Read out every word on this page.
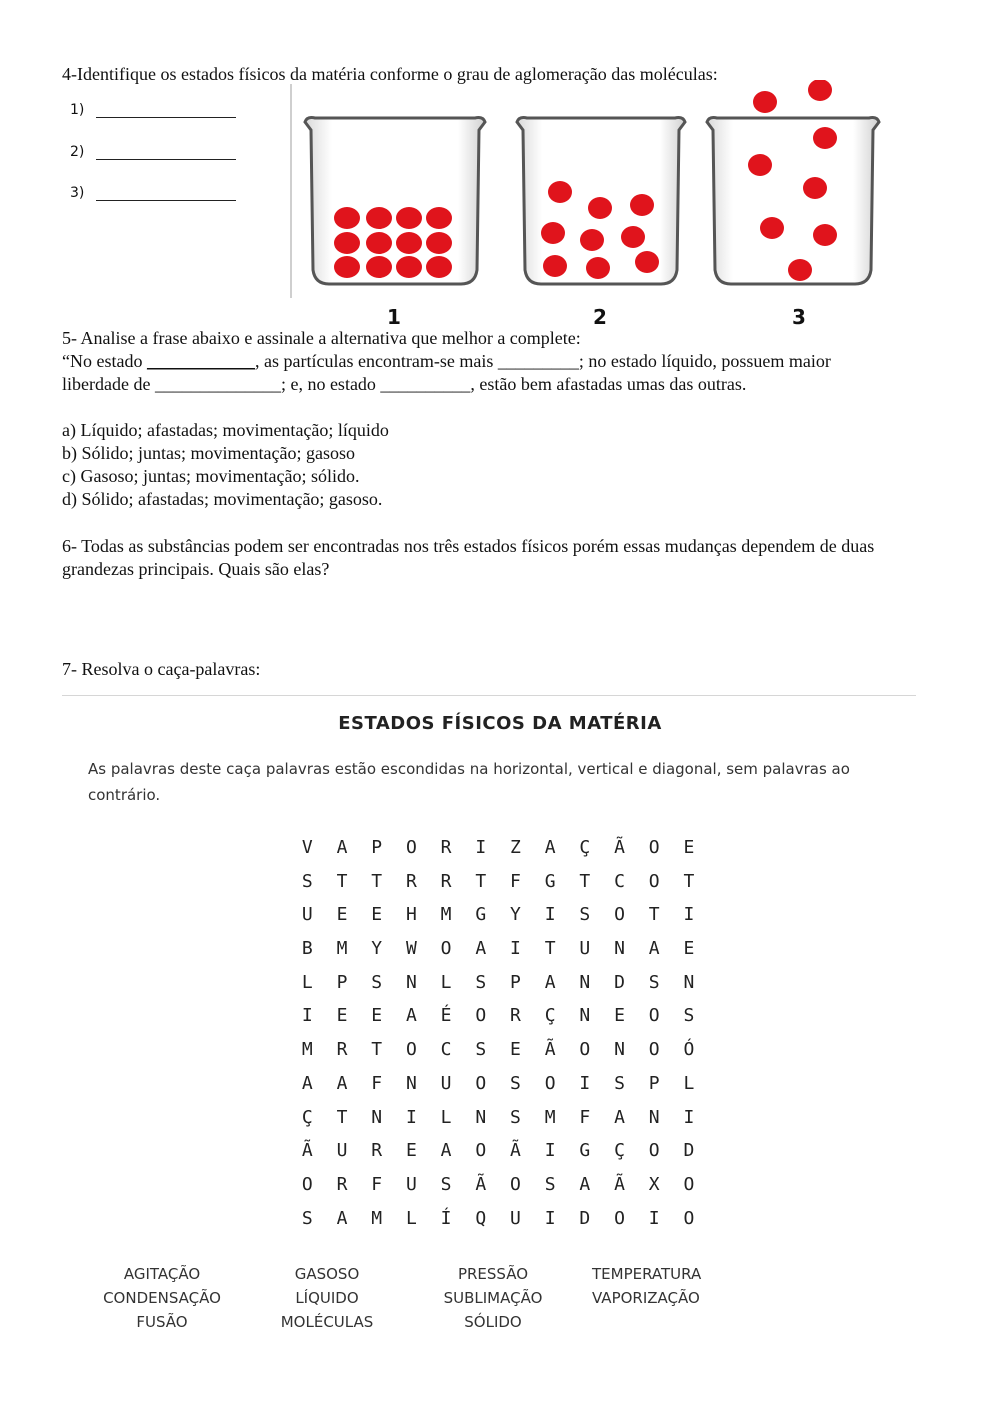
4-Identifique os estados físicos da matéria conforme o grau de aglomeração das moléculas:
1)
2)
3)
1	2	3

5- Analise a frase abaixo e assinale a alternativa que melhor a complete:

“No estado ____________, as partículas encontram-se mais _________; no estado líquido, possuem maior

liberdade de ______________; e, no estado __________, estão bem afastadas umas das outras.

a) Líquido; afastadas; movimentação; líquido
b) Sólido; juntas; movimentação; gasoso
c) Gasoso; juntas; movimentação; sólido.
d) Sólido; afastadas; movimentação; gasoso.
6- Todas as substâncias podem ser encontradas nos três estados físicos porém essas mudanças dependem de duas grandezas principais. Quais são elas?
7- Resolva o caça-palavras:
ESTADOS FÍSICOS DA MATÉRIA
As palavras deste caça palavras estão escondidas na horizontal, vertical e diagonal, sem palavras ao contrário.
V	A	P	O	R	I	Z	A	Ç	Ã	O	E
S	T	T	R	R	T	F	G	T	C	O	T
U	E	E	H	M	G	Y	I	S	O	T	I
B	M	Y	W	O	A	I	T	U	N	A	E
L	P	S	N	L	S	P	A	N	D	S	N
I	E	E	A	É	O	R	Ç	N	E	O	S
M	R	T	O	C	S	E	Ã	O	N	O	Ó
A	A	F	N	U	O	S	O	I	S	P	L
Ç	T	N	I	L	N	S	M	F	A	N	I
Ã	U	R	E	A	O	Ã	I	G	Ç	O	D
O	R	F	U	S	Ã	O	S	A	Ã	X	O
S	A	M	L	Í	Q	U	I	D	O	I	O
AGITAÇÃO
CONDENSAÇÃO
FUSÃO
GASOSO
LÍQUIDO
MOLÉCULAS
PRESSÃO
SUBLIMAÇÃO
SÓLIDO
TEMPERATURA
VAPORIZAÇÃO
